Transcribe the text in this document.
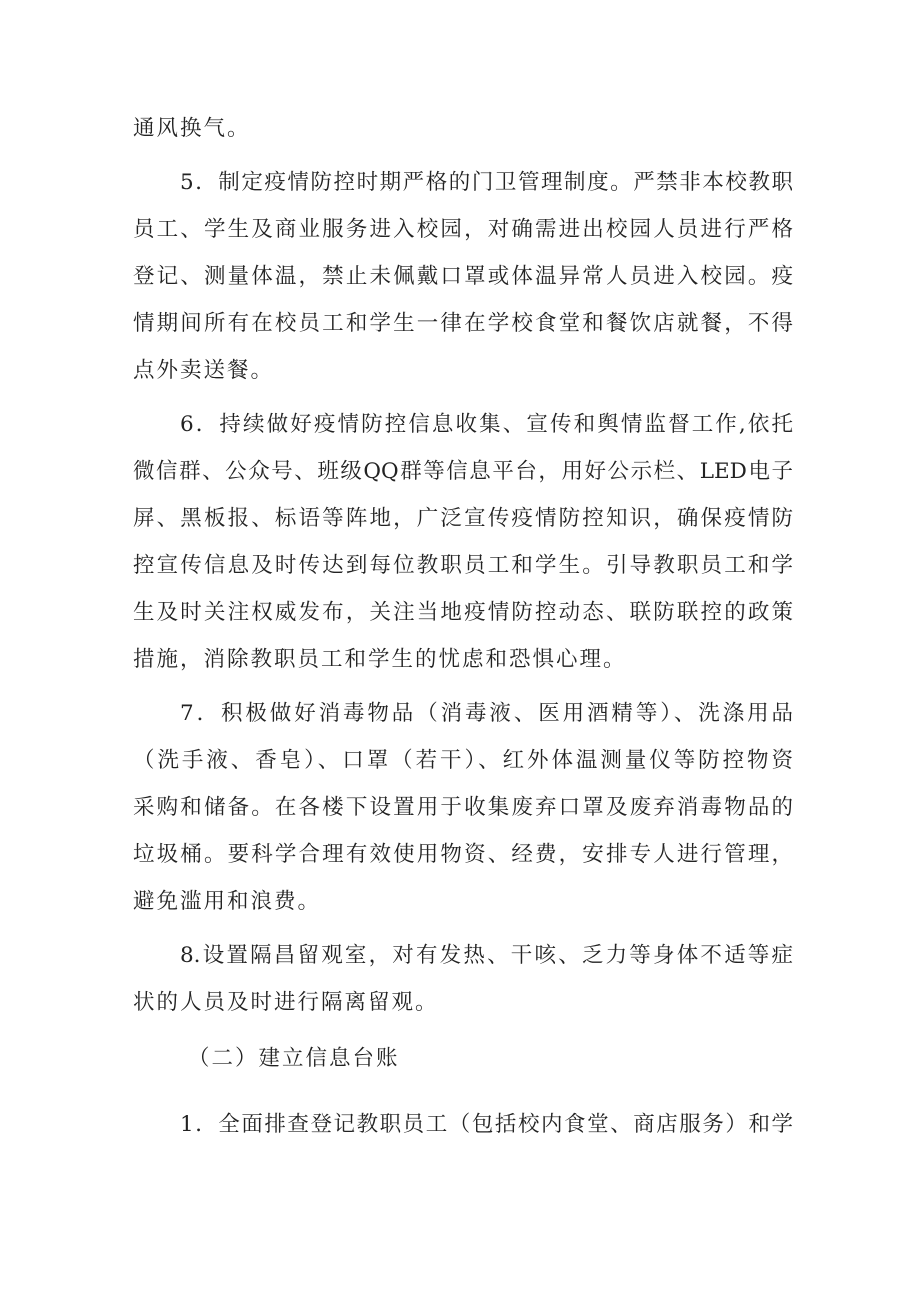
通风换气。
5．制定疫情防控时期严格的门卫管理制度。严禁非本校教职
员工、学生及商业服务进入校园，对确需进出校园人员进行严格
登记、测量体温，禁止未佩戴口罩或体温异常人员进入校园。疫
情期间所有在校员工和学生一律在学校食堂和餐饮店就餐，不得
点外卖送餐。
6．持续做好疫情防控信息收集、宣传和舆情监督工作,依托
微信群、公众号、班级QQ群等信息平台，用好公示栏、LED电子
屏、黑板报、标语等阵地，广泛宣传疫情防控知识，确保疫情防
控宣传信息及时传达到每位教职员工和学生。引导教职员工和学
生及时关注权威发布，关注当地疫情防控动态、联防联控的政策
措施，消除教职员工和学生的忧虑和恐惧心理。
7．积极做好消毒物品（消毒液、医用酒精等）、洗涤用品
（洗手液、香皂）、口罩（若干）、红外体温测量仪等防控物资
采购和储备。在各楼下设置用于收集废弃口罩及废弃消毒物品的
垃圾桶。要科学合理有效使用物资、经费，安排专人进行管理，
避免滥用和浪费。
8.设置隔昌留观室，对有发热、干咳、乏力等身体不适等症
状的人员及时进行隔离留观。
（二）建立信息台账
1．全面排查登记教职员工（包括校内食堂、商店服务）和学
